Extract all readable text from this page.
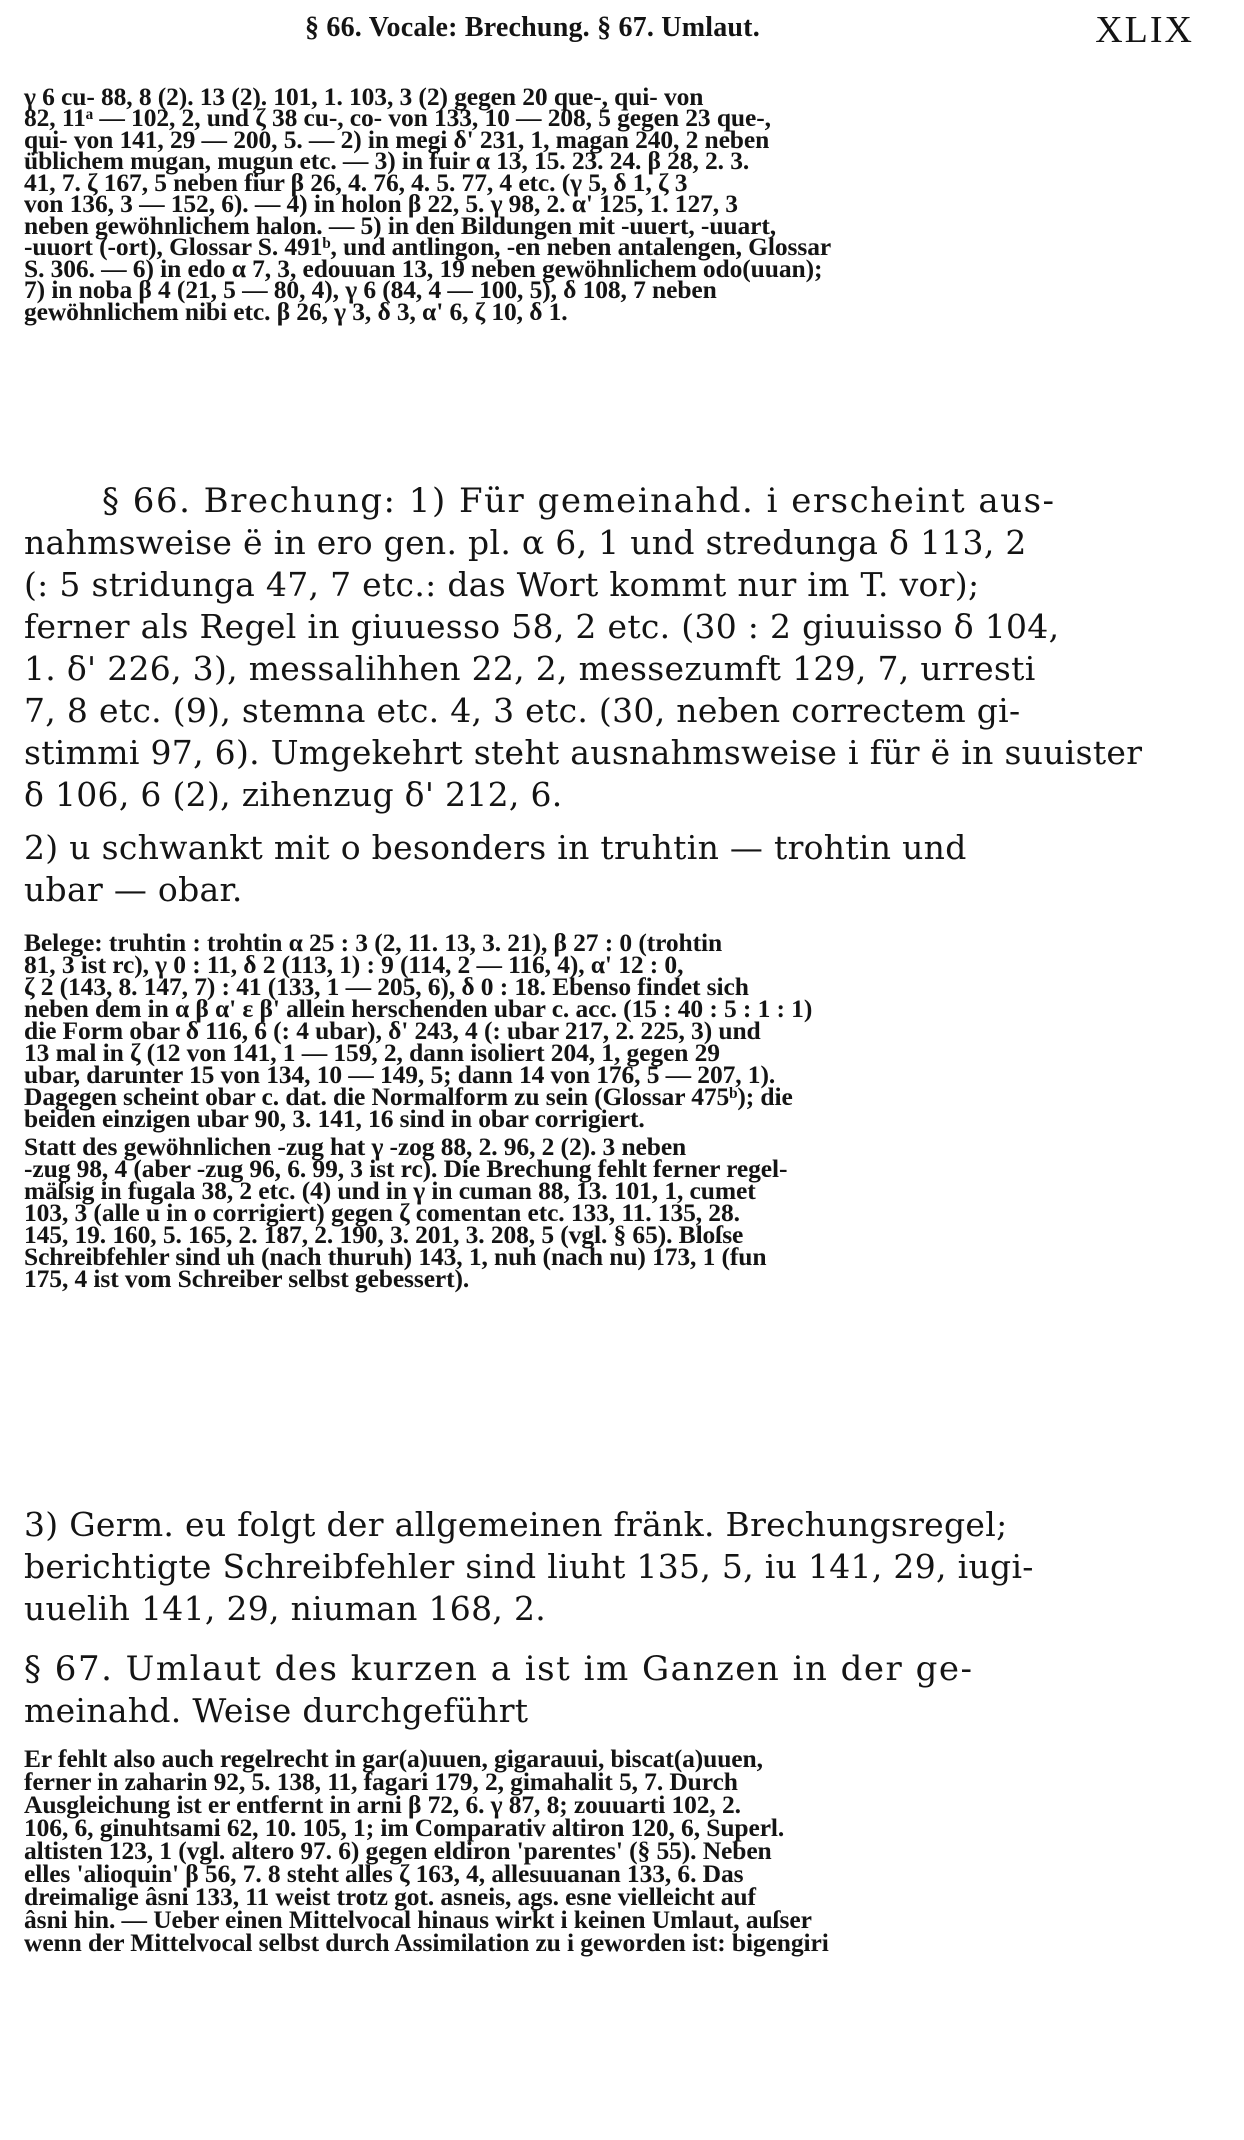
§ 66. Vocale: Brechung. § 67. Umlaut.	XLIX
γ 6 cu- 88, 8 (2). 13 (2). 101, 1. 103, 3 (2) gegen 20 que-, qui- von
82, 11ᵃ — 102, 2, und ζ 38 cu-, co- von 133, 10 — 208, 5 gegen 23 que-,
qui- von 141, 29 — 200, 5. — 2) in megi δ' 231, 1, magan 240, 2 neben
üblichem mugan, mugun etc. — 3) in fuir α 13, 15. 23. 24. β 28, 2. 3.
41, 7. ζ 167, 5 neben fiur β 26, 4. 76, 4. 5. 77, 4 etc. (γ 5, δ 1, ζ 3
von 136, 3 — 152, 6). — 4) in holon β 22, 5. γ 98, 2. α' 125, 1. 127, 3
neben gewöhnlichem halon. — 5) in den Bildungen mit -uuert, -uuart,
-uuort (-ort), Glossar S. 491ᵇ, und antlingon, -en neben antalengen, Glossar
S. 306. — 6) in edo α 7, 3, edouuan 13, 19 neben gewöhnlichem odo(uuan);
7) in noba β 4 (21, 5 — 80, 4), γ 6 (84, 4 — 100, 5), δ 108, 7 neben
gewöhnlichem nibi etc. β 26, γ 3, δ 3, α' 6, ζ 10, δ 1.
§ 66. Brechung: 1) Für gemeinahd. i erscheint aus-
nahmsweise ë in ero gen. pl. α 6, 1 und stredunga δ 113, 2
(: 5 stridunga 47, 7 etc.: das Wort kommt nur im T. vor);
ferner als Regel in giuuesso 58, 2 etc. (30 : 2 giuuisso δ 104,
1. δ' 226, 3), messalihhen 22, 2, messezumft 129, 7, urresti
7, 8 etc. (9), stemna etc. 4, 3 etc. (30, neben correctem gi-
stimmi 97, 6). Umgekehrt steht ausnahmsweise i für ë in suuister
δ 106, 6 (2), zihenzug δ' 212, 6.
2) u schwankt mit o besonders in truhtin — trohtin und
ubar — obar.
Belege: truhtin : trohtin α 25 : 3 (2, 11. 13, 3. 21), β 27 : 0 (trohtin
81, 3 ist rc), γ 0 : 11, δ 2 (113, 1) : 9 (114, 2 — 116, 4), α' 12 : 0,
ζ 2 (143, 8. 147, 7) : 41 (133, 1 — 205, 6), δ 0 : 18. Ebenso findet sich
neben dem in α β α' ε β' allein herschenden ubar c. acc. (15 : 40 : 5 : 1 : 1)
die Form obar δ 116, 6 (: 4 ubar), δ' 243, 4 (: ubar 217, 2. 225, 3) und
13 mal in ζ (12 von 141, 1 — 159, 2, dann isoliert 204, 1, gegen 29
ubar, darunter 15 von 134, 10 — 149, 5; dann 14 von 176, 5 — 207, 1).
Dagegen scheint obar c. dat. die Normalform zu sein (Glossar 475ᵇ); die
beiden einzigen ubar 90, 3. 141, 16 sind in obar corrigiert.
Statt des gewöhnlichen -zug hat γ -zog 88, 2. 96, 2 (2). 3 neben
-zug 98, 4 (aber -zug 96, 6. 99, 3 ist rc). Die Brechung fehlt ferner regel-
mäſsig in fugala 38, 2 etc. (4) und in γ in cuman 88, 13. 101, 1, cumet
103, 3 (alle u in o corrigiert) gegen ζ comentan etc. 133, 11. 135, 28.
145, 19. 160, 5. 165, 2. 187, 2. 190, 3. 201, 3. 208, 5 (vgl. § 65). Bloſse
Schreibfehler sind uh (nach thuruh) 143, 1, nuh (nach nu) 173, 1 (fun
175, 4 ist vom Schreiber selbst gebessert).
3) Germ. eu folgt der allgemeinen fränk. Brechungsregel;
berichtigte Schreibfehler sind liuht 135, 5, iu 141, 29, iugi-
uuelih 141, 29, niuman 168, 2.
§ 67. Umlaut des kurzen a ist im Ganzen in der ge-
meinahd. Weise durchgeführt
Er fehlt also auch regelrecht in gar(a)uuen, gigarauui, biscat(a)uuen,
ferner in zaharin 92, 5. 138, 11, fagari 179, 2, gimahalit 5, 7. Durch
Ausgleichung ist er entfernt in arni β 72, 6. γ 87, 8; zouuarti 102, 2.
106, 6, ginuhtsami 62, 10. 105, 1; im Comparativ altiron 120, 6, Superl.
altisten 123, 1 (vgl. altero 97. 6) gegen eldiron 'parentes' (§ 55). Neben
elles 'alioquin' β 56, 7. 8 steht alles ζ 163, 4, allesuuanan 133, 6. Das
dreimalige âsni 133, 11 weist trotz got. asneis, ags. esne vielleicht auf
âsni hin. — Ueber einen Mittelvocal hinaus wirkt i keinen Umlaut, auſser
wenn der Mittelvocal selbst durch Assimilation zu i geworden ist: bigengiri
